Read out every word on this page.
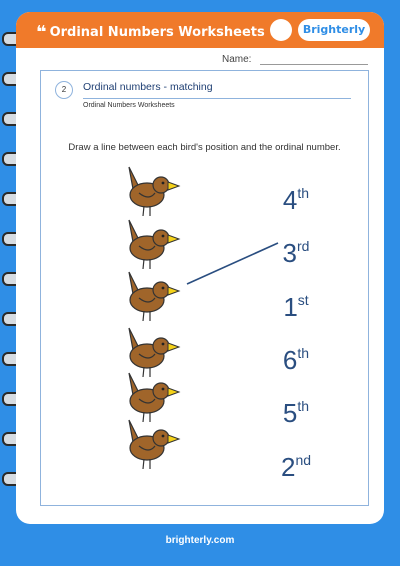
❝ Ordinal Numbers Worksheets
✳
Brighterly
Name:
2	Ordinal numbers - matching
Ordinal Numbers Worksheets
Draw a line between each bird's position and the ordinal number.
4th
3rd
1st
6th
5th
2nd
brighterly.com
